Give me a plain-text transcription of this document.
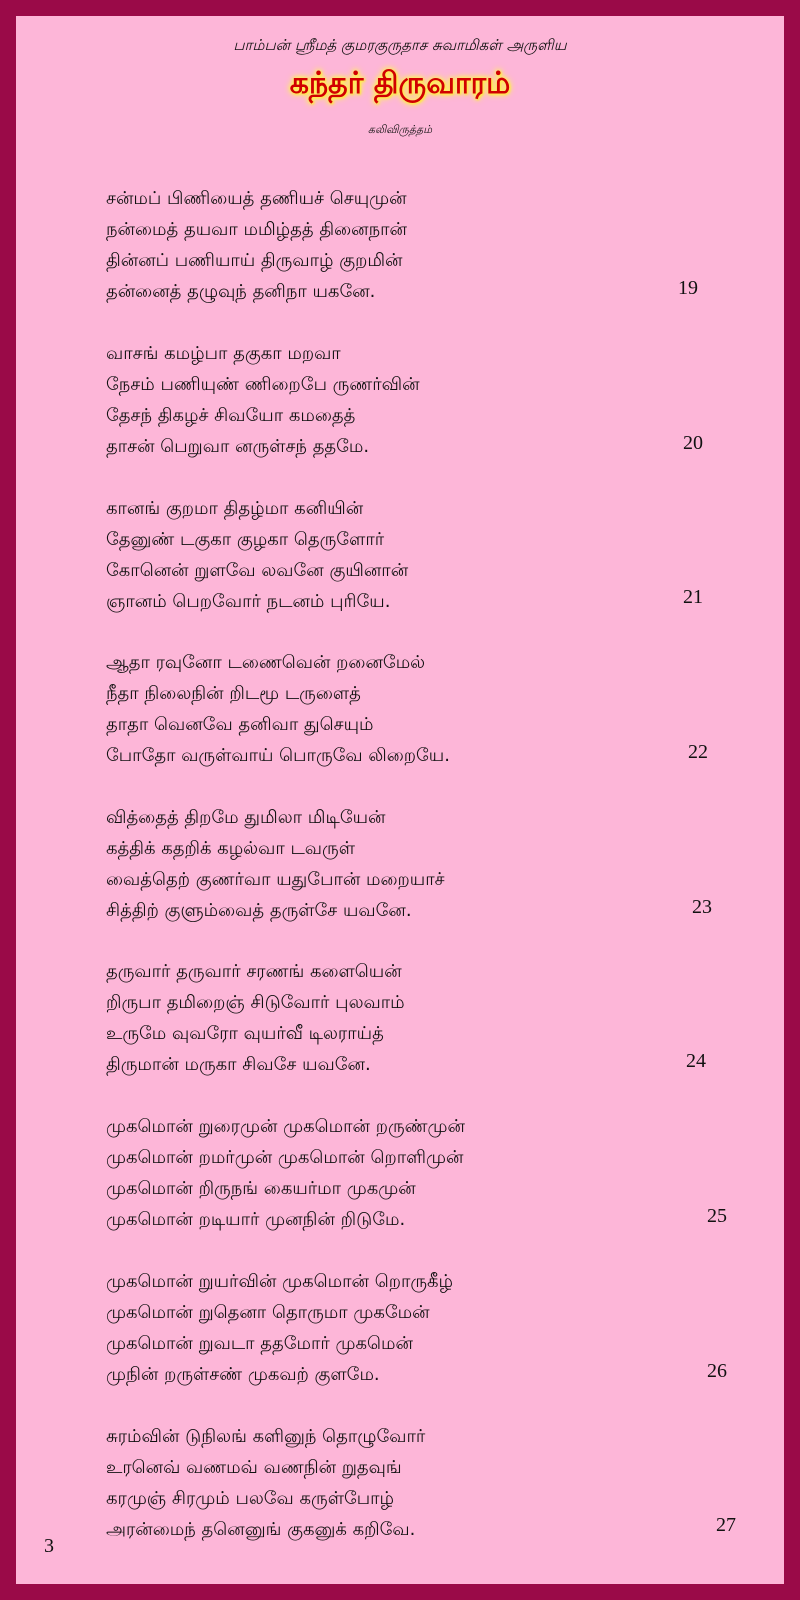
பாம்பன் ஸ்ரீமத் குமரகுருதாச சுவாமிகள் அருளிய
கந்தர் திருவாரம்
கலிவிருத்தம்
சன்மப் பிணியைத் தணியச் செயுமுன்
நன்மைத் தயவா மமிழ்தத் தினைநான்
தின்னப் பணியாய் திருவாழ் குறமின்
தன்னைத் தழுவுந் தனிநா யகனே.	19
வாசங் கமழ்பா தகுகா மறவா
நேசம் பணியுண் ணிறைபே ருணர்வின்
தேசந் திகழச் சிவயோ கமதைத்
தாசன் பெறுவா னருள்சந் ததமே.	20
கானங் குறமா திதழ்மா கனியின்
தேனுண் டகுகா குழகா தெருளோர்
கோனென் றுளவே லவனே குயினான்
ஞானம் பெறவோர் நடனம் புரியே.	21
ஆதா ரவுனோ டணைவென் றனைமேல்
நீதா நிலைநின் றிடமூ டருளைத்
தாதா வெனவே தனிவா துசெயும்
போதோ வருள்வாய் பொருவே லிறையே.	22
வித்தைத் திறமே துமிலா மிடியேன்
கத்திக் கதறிக் கழல்வா டவருள்
வைத்தெற் குணர்வா யதுபோன் மறையாச்
சித்திற் குளும்வைத் தருள்சே யவனே.	23
தருவார் தருவார் சரணங் களையென்
றிருபா தமிறைஞ் சிடுவோர் புலவாம்
உருமே வுவரோ வுயர்வீ டிலராய்த்
திருமான் மருகா சிவசே யவனே.	24
முகமொன் றுரைமுன் முகமொன் றருண்முன்
முகமொன் றமர்முன் முகமொன் றொளிமுன்
முகமொன் றிருநங் கையர்மா முகமுன்
முகமொன் றடியார் முனநின் றிடுமே.	25
முகமொன் றுயர்வின் முகமொன் றொருகீழ்
முகமொன் றுதெனா தொருமா முகமேன்
முகமொன் றுவடா ததமோர் முகமென்
முநின் றருள்சண் முகவற் குளமே.	26
சுரம்வின் டுநிலங் களினுந் தொழுவோர்
உரனெவ் வணமவ் வணநின் றுதவுங்
கரமுஞ் சிரமும் பலவே கருள்போழ்
அரன்மைந் தனெனுங் குகனுக் கறிவே.	27
3
